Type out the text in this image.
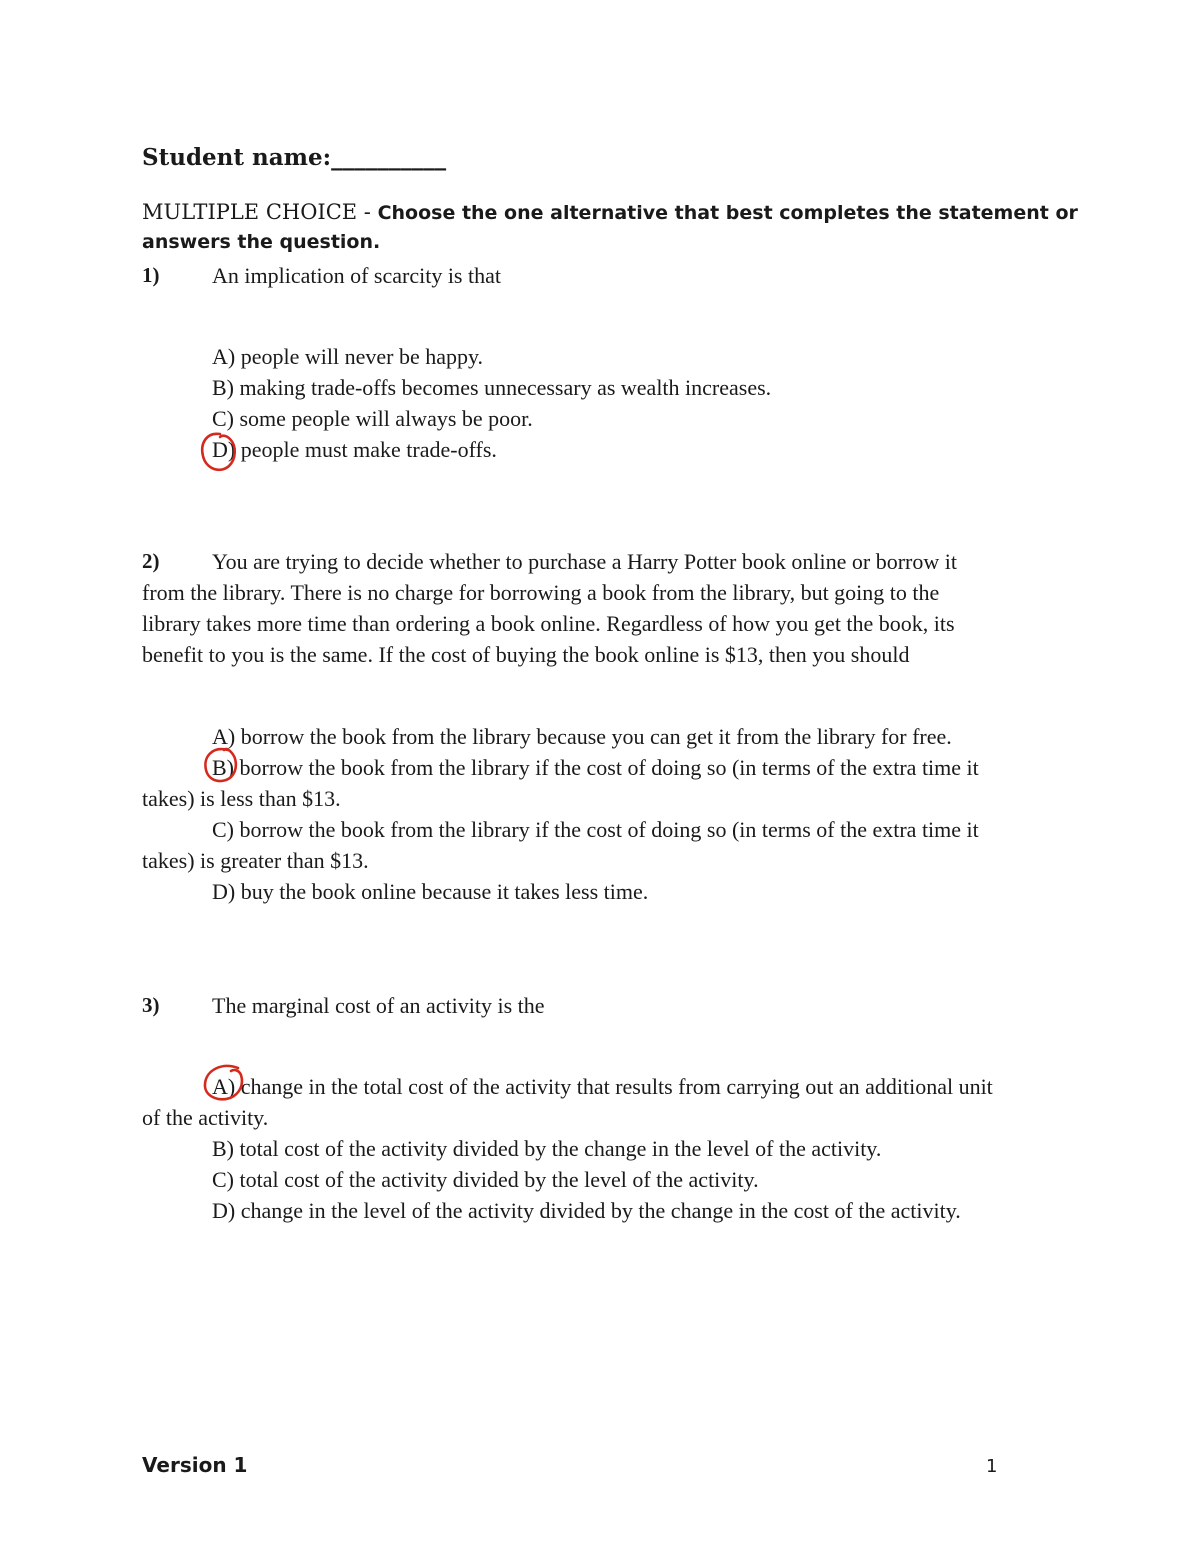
Student name:__________
MULTIPLE CHOICE - Choose the one alternative that best completes the statement or
answers the question.
1) An implication of scarcity is that
A) people will never be happy.
B) making trade-offs becomes unnecessary as wealth increases.
C) some people will always be poor.
D) people must make trade-offs.
2) You are trying to decide whether to purchase a Harry Potter book online or borrow it
from the library. There is no charge for borrowing a book from the library, but going to the
library takes more time than ordering a book online. Regardless of how you get the book, its
benefit to you is the same. If the cost of buying the book online is $13, then you should
A) borrow the book from the library because you can get it from the library for free.
B) borrow the book from the library if the cost of doing so (in terms of the extra time it
takes) is less than $13.
C) borrow the book from the library if the cost of doing so (in terms of the extra time it
takes) is greater than $13.
D) buy the book online because it takes less time.
3) The marginal cost of an activity is the
A) change in the total cost of the activity that results from carrying out an additional unit
of the activity.
B) total cost of the activity divided by the change in the level of the activity.
C) total cost of the activity divided by the level of the activity.
D) change in the level of the activity divided by the change in the cost of the activity.
Version 1	1
